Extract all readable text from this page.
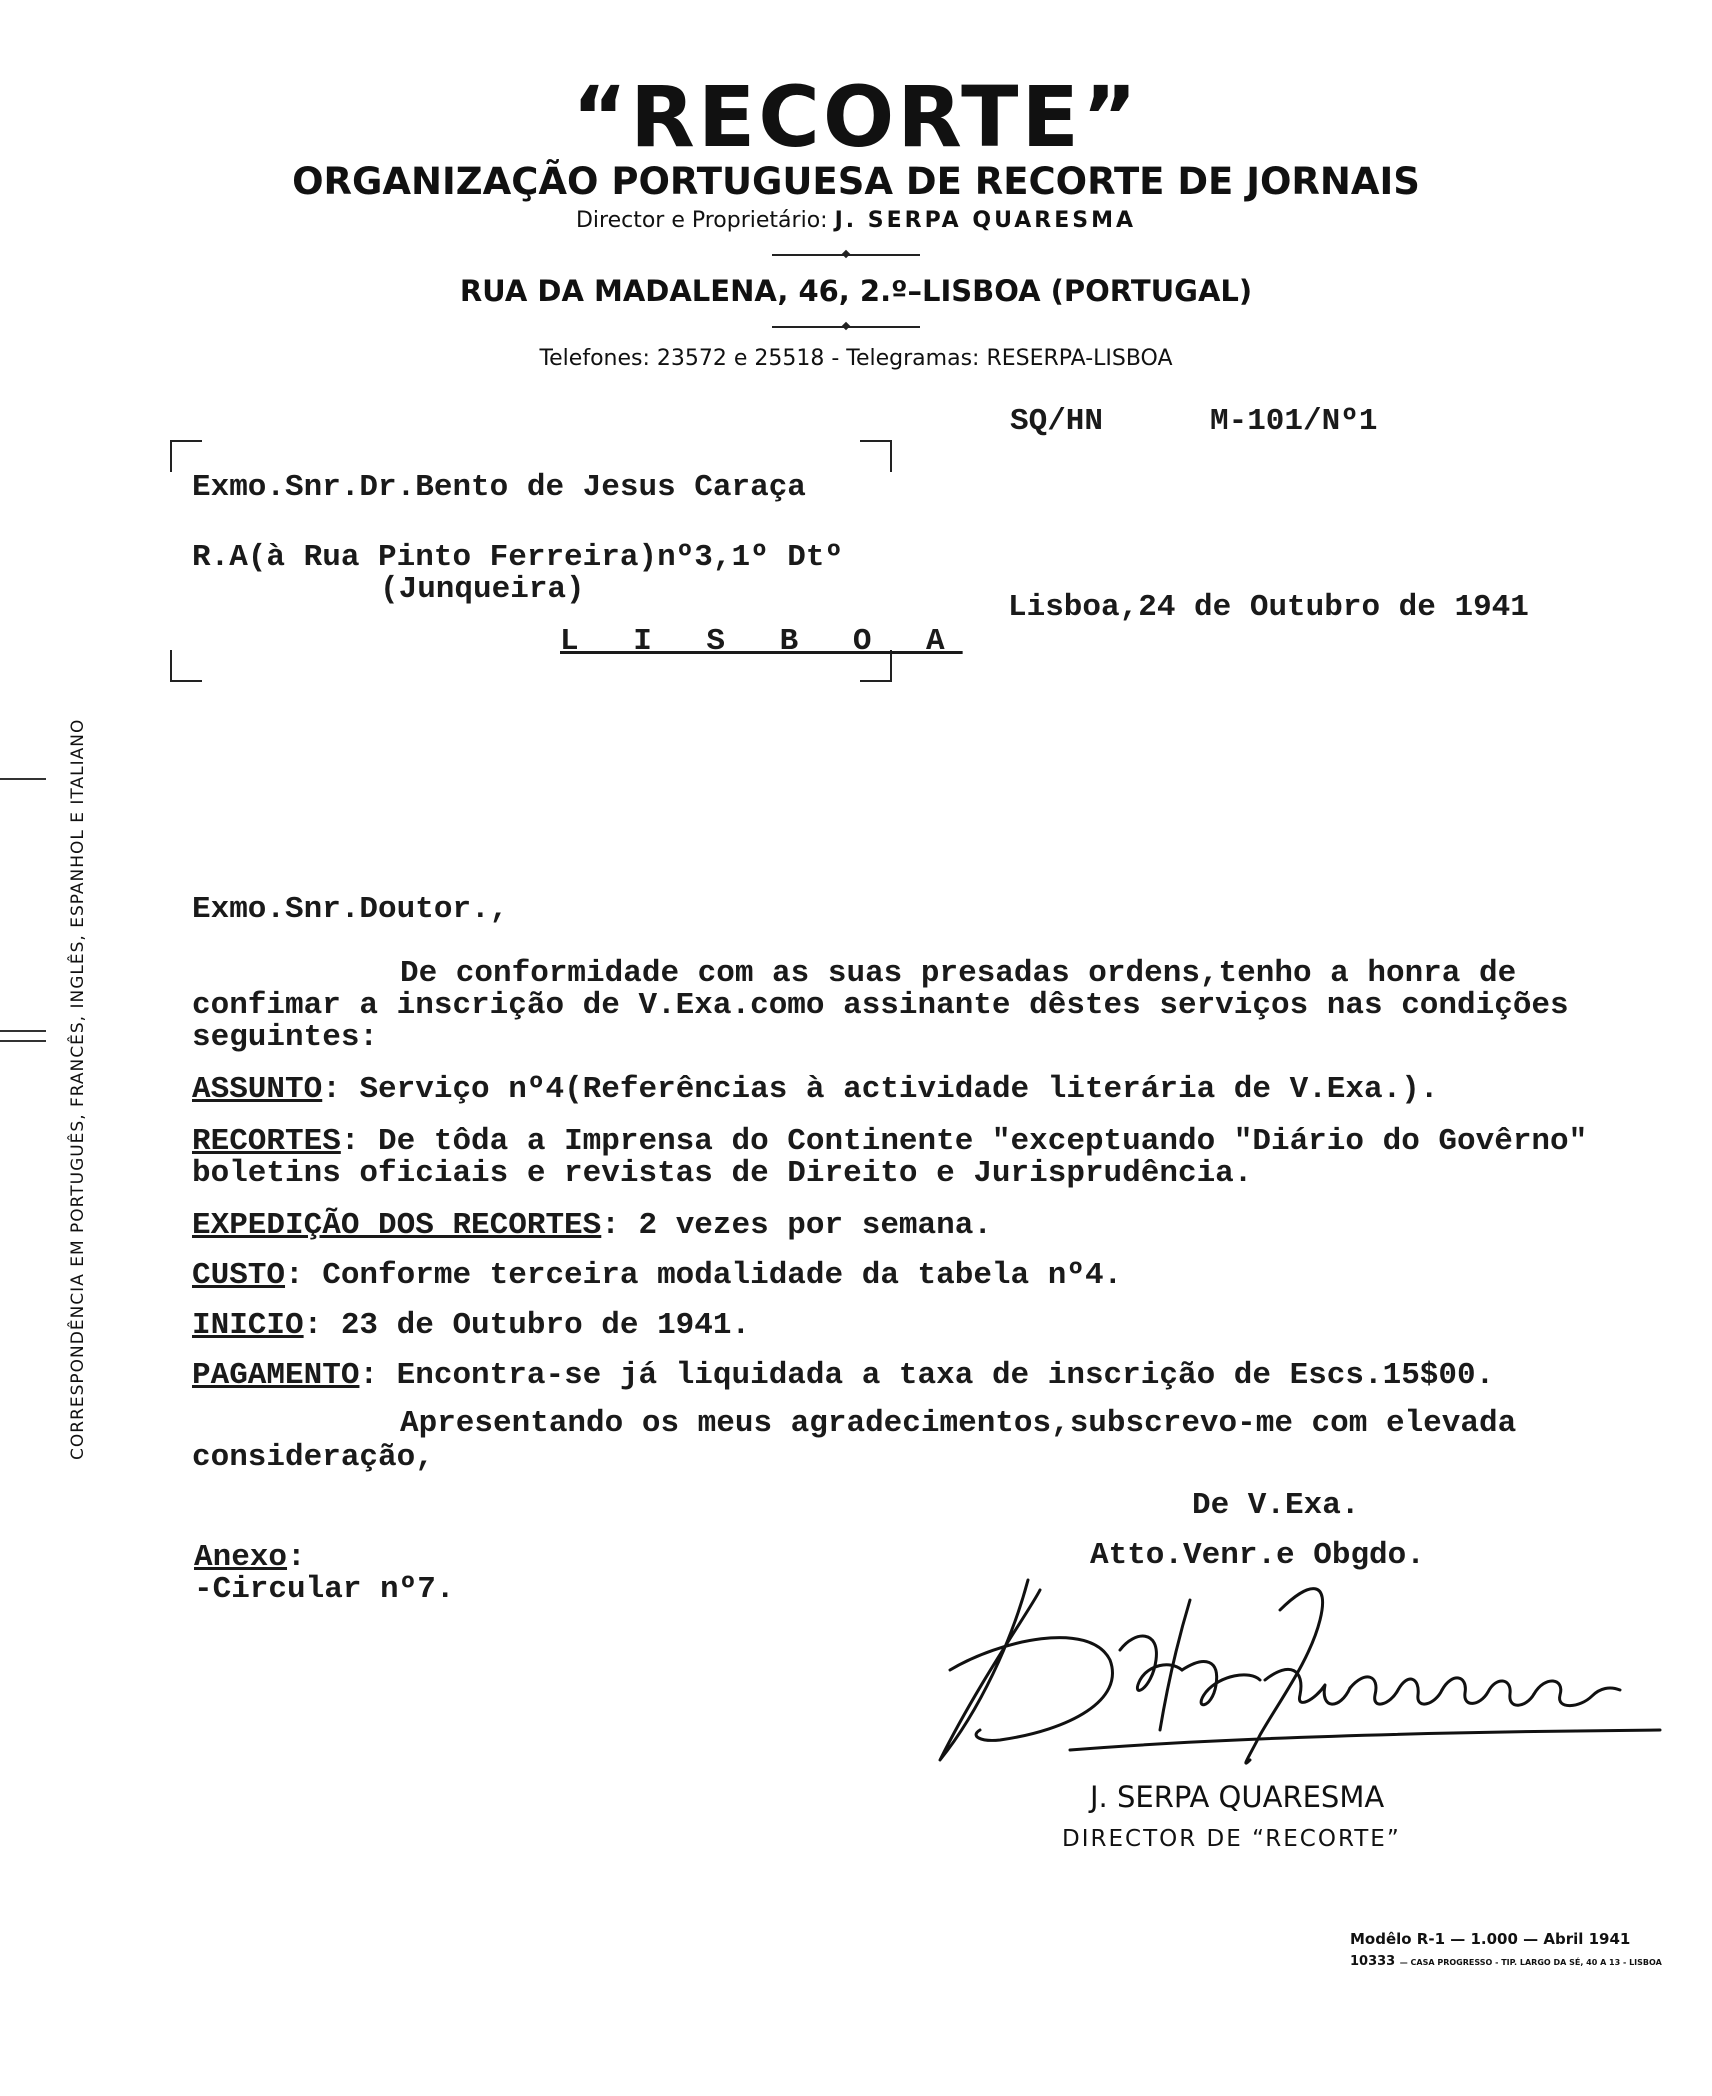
“RECORTE”
ORGANIZAÇÃO PORTUGUESA DE RECORTE DE JORNAIS
Director e Proprietário: J. SERPA QUARESMA
RUA DA MADALENA, 46, 2.º–LISBOA (PORTUGAL)
Telefones: 23572 e 25518 - Telegramas: RESERPA-LISBOA
SQ/HN	M-101/Nº1
Exmo.Snr.Dr.Bento de Jesus Caraça
R.A(à Rua Pinto Ferreira)nº3,1º Dtº
(Junqueira)
L I S B O A
Lisboa,24 de Outubro de 1941
CORRESPONDÊNCIA EM PORTUGUÊS, FRANCÊS, INGLÊS, ESPANHOL E ITALIANO	Exmo.Snr.Doutor.,
De conformidade com as suas presadas ordens,tenho a honra de
confimar a inscrição de V.Exa.como assinante dêstes serviços nas condições
seguintes:
ASSUNTO: Serviço nº4(Referências à actividade literária de V.Exa.).
RECORTES: De tôda a Imprensa do Continente "exceptuando "Diário do Govêrno"
boletins oficiais e revistas de Direito e Jurisprudência.
EXPEDIÇÃO DOS RECORTES: 2 vezes por semana.
CUSTO: Conforme terceira modalidade da tabela nº4.
INICIO: 23 de Outubro de 1941.
PAGAMENTO: Encontra-se já liquidada a taxa de inscrição de Escs.15$00.
Apresentando os meus agradecimentos,subscrevo-me com elevada
consideração,
De V.Exa.
Atto.Venr.e Obgdo.
Anexo:
-Circular nº7.
J. SERPA QUARESMA
DIRECTOR DE “RECORTE”
Modêlo R-1 — 1.000 — Abril 1941
10333 — CASA PROGRESSO - TIP. LARGO DA SÉ, 40 A 13 - LISBOA
